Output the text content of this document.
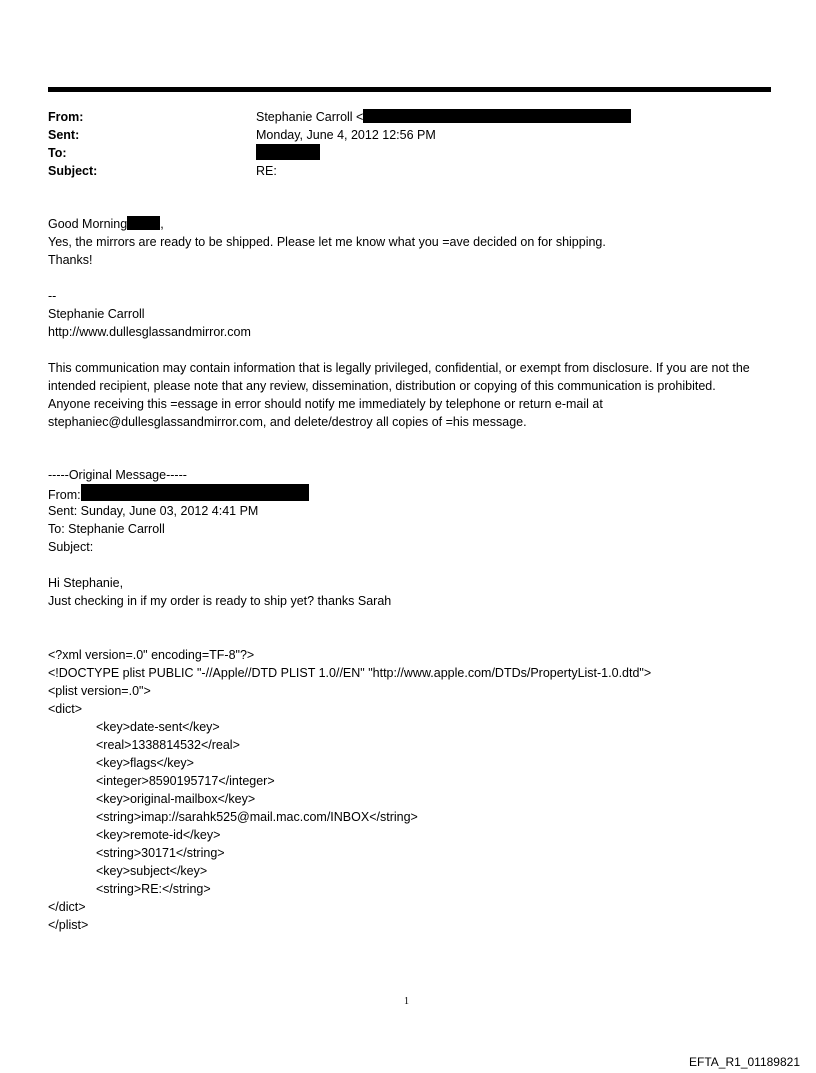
From:	Stephanie Carroll <
Sent:	Monday, June 4, 2012 12:56 PM
To:
Subject:	RE:
Good Morning	,
Yes, the mirrors are ready to be shipped. Please let me know what you =ave decided on for shipping.
Thanks!
--
Stephanie Carroll
http://www.dullesglassandmirror.com
This communication may contain information that is legally privileged, confidential, or exempt from disclosure. If you are not the intended recipient, please note that any review, dissemination, distribution or copying of this communication is prohibited. Anyone receiving this =essage in error should notify me immediately by telephone or return e-mail at stephaniec@dullesglassandmirror.com, and delete/destroy all copies of =his message.
-----Original Message-----
From:
Sent: Sunday, June 03, 2012 4:41 PM
To: Stephanie Carroll
Subject:
Hi Stephanie,
Just checking in if my order is ready to ship yet? thanks Sarah
<?xml version=.0" encoding=TF-8"?>
<!DOCTYPE plist PUBLIC "-//Apple//DTD PLIST 1.0//EN" "http://www.apple.com/DTDs/PropertyList-1.0.dtd">
<plist version=.0">
<dict>
<key>date-sent</key>
<real>1338814532</real>
<key>flags</key>
<integer>8590195717</integer>
<key>original-mailbox</key>
<string>imap://sarahk525@mail.mac.com/INBOX</string>
<key>remote-id</key>
<string>30171</string>
<key>subject</key>
<string>RE:</string>
</dict>
</plist>
1
EFTA_R1_01189821
